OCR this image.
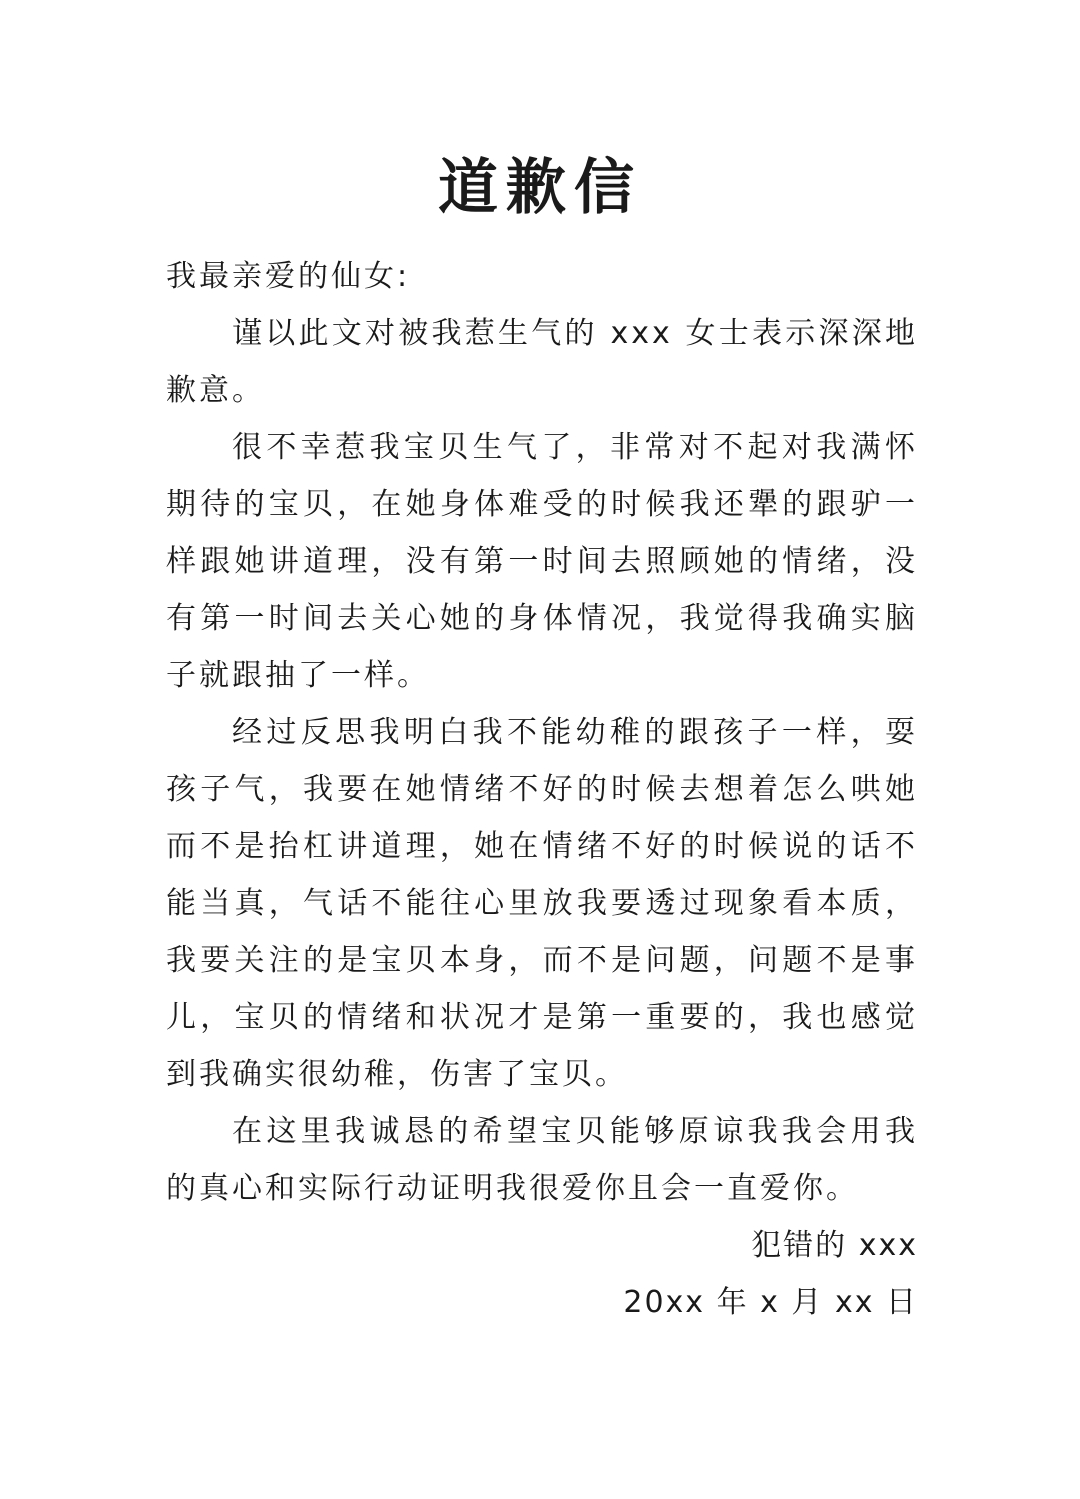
道歉信

我最亲爱的仙女:

谨以此文对被我惹生气的 xxx 女士表示深深地歉意。

很不幸惹我宝贝生气了，非常对不起对我满怀期待的宝贝，在她身体难受的时候我还犟的跟驴一样跟她讲道理，没有第一时间去照顾她的情绪，没有第一时间去关心她的身体情况，我觉得我确实脑子就跟抽了一样。

经过反思我明白我不能幼稚的跟孩子一样，耍孩子气，我要在她情绪不好的时候去想着怎么哄她而不是抬杠讲道理，她在情绪不好的时候说的话不能当真，气话不能往心里放我要透过现象看本质，我要关注的是宝贝本身，而不是问题，问题不是事儿，宝贝的情绪和状况才是第一重要的，我也感觉到我确实很幼稚，伤害了宝贝。

在这里我诚恳的希望宝贝能够原谅我我会用我的真心和实际行动证明我很爱你且会一直爱你。

犯错的 xxx

20xx 年 x 月 xx 日
